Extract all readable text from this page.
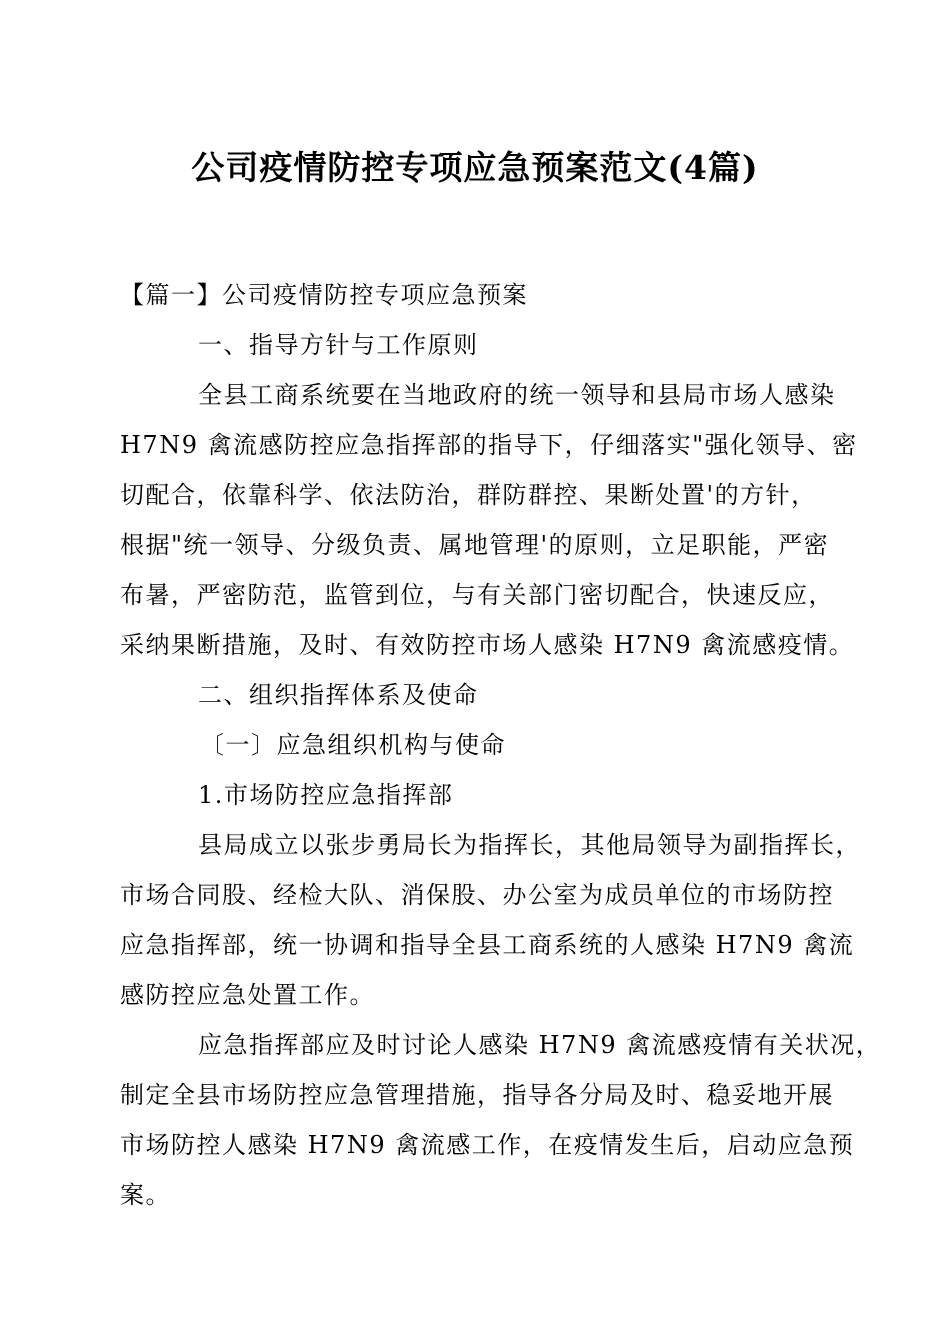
公司疫情防控专项应急预案范文(4篇)
【篇一】公司疫情防控专项应急预案
一、指导方针与工作原则
全县工商系统要在当地政府的统一领导和县局市场人感染
H7N9 禽流感防控应急指挥部的指导下，仔细落实"强化领导、密
切配合，依靠科学、依法防治，群防群控、果断处置'的方针，
根据"统一领导、分级负责、属地管理'的原则，立足职能，严密
布暑，严密防范，监管到位，与有关部门密切配合，快速反应，
采纳果断措施，及时、有效防控市场人感染 H7N9 禽流感疫情。
二、组织指挥体系及使命
〔一〕应急组织机构与使命
1.市场防控应急指挥部
县局成立以张步勇局长为指挥长，其他局领导为副指挥长，
市场合同股、经检大队、消保股、办公室为成员单位的市场防控
应急指挥部，统一协调和指导全县工商系统的人感染 H7N9 禽流
感防控应急处置工作。
应急指挥部应及时讨论人感染 H7N9 禽流感疫情有关状况，
制定全县市场防控应急管理措施，指导各分局及时、稳妥地开展
市场防控人感染 H7N9 禽流感工作，在疫情发生后，启动应急预
案。
